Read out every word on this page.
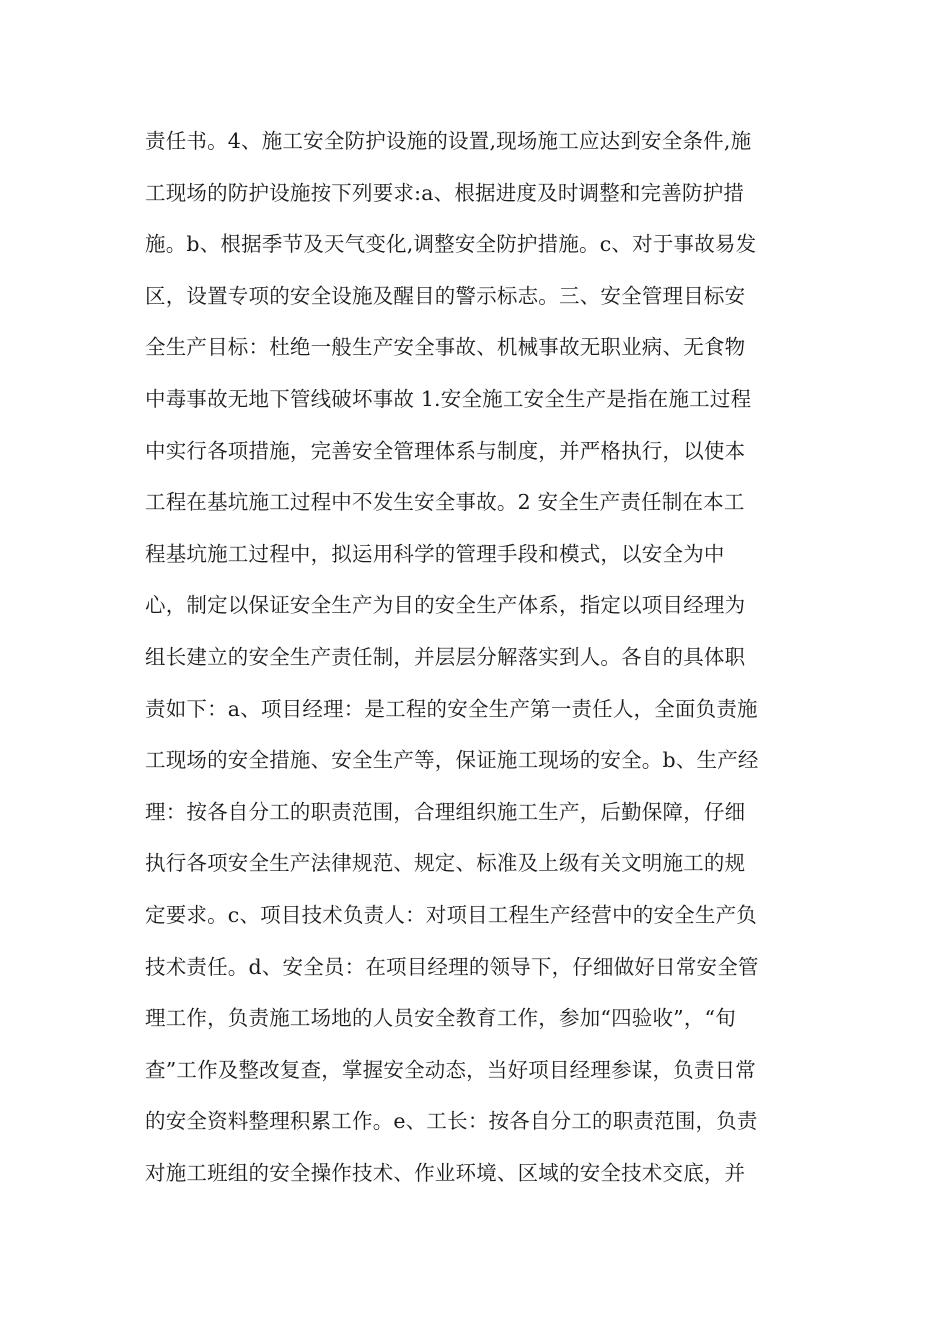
责任书。4、施工安全防护设施的设置,现场施工应达到安全条件,施
工现场的防护设施按下列要求:a、根据进度及时调整和完善防护措
施。b、根据季节及天气变化,调整安全防护措施。c、对于事故易发
区，设置专项的安全设施及醒目的警示标志。三、安全管理目标安
全生产目标：杜绝一般生产安全事故、机械事故无职业病、无食物
中毒事故无地下管线破坏事故 1.安全施工安全生产是指在施工过程
中实行各项措施，完善安全管理体系与制度，并严格执行，以使本
工程在基坑施工过程中不发生安全事故。2 安全生产责任制在本工
程基坑施工过程中，拟运用科学的管理手段和模式，以安全为中
心，制定以保证安全生产为目的安全生产体系，指定以项目经理为
组长建立的安全生产责任制，并层层分解落实到人。各自的具体职
责如下：a、项目经理：是工程的安全生产第一责任人，全面负责施
工现场的安全措施、安全生产等，保证施工现场的安全。b、生产经
理：按各自分工的职责范围，合理组织施工生产，后勤保障，仔细
执行各项安全生产法律规范、规定、标准及上级有关文明施工的规
定要求。c、项目技术负责人：对项目工程生产经营中的安全生产负
技术责任。d、安全员：在项目经理的领导下，仔细做好日常安全管
理工作，负责施工场地的人员安全教育工作，参加“四验收”，“旬
查”工作及整改复查，掌握安全动态，当好项目经理参谋，负责日常
的安全资料整理积累工作。e、工长：按各自分工的职责范围，负责
对施工班组的安全操作技术、作业环境、区域的安全技术交底，并
